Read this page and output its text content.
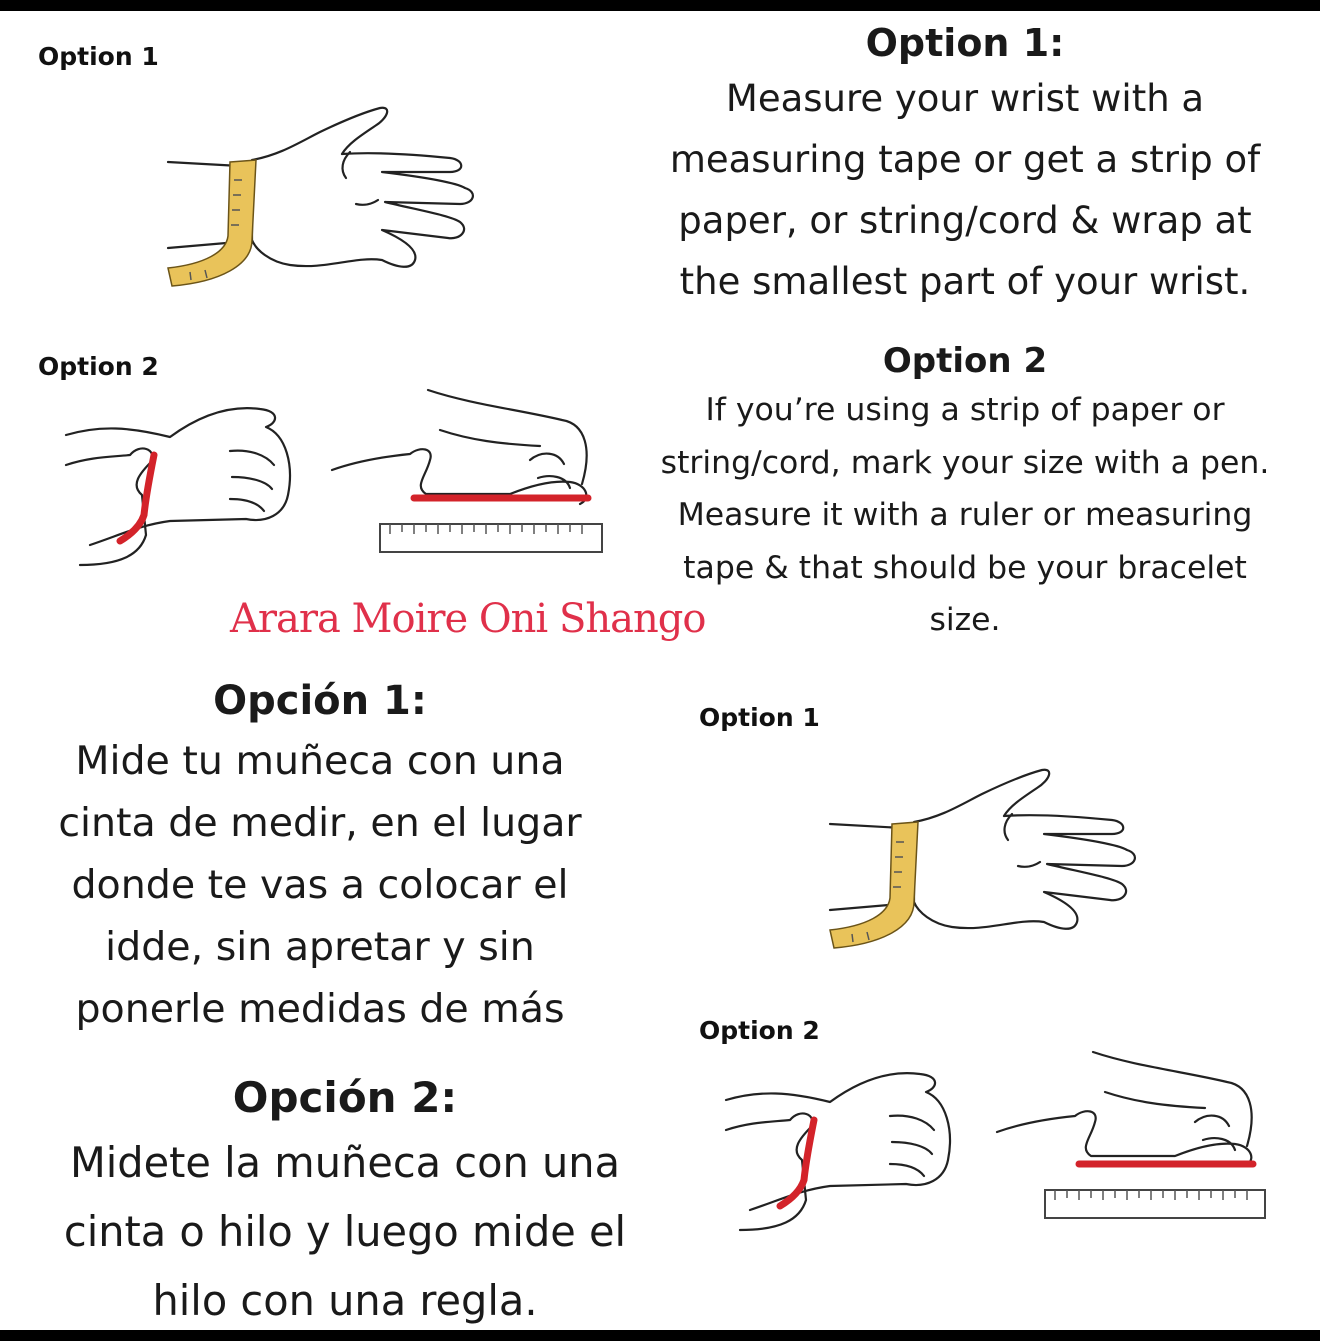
Option 1
Option 2
Option 1:
Measure your wrist with a
measuring tape or get a strip of
paper, or string/cord & wrap at
the smallest part of your wrist.
Option 2
If you’re using a strip of paper or
string/cord, mark your size with a pen.
Measure it with a ruler or measuring
tape & that should be your bracelet
size.
Arara Moire Oni Shango
Opción 1:
Mide tu muñeca con una
cinta de medir, en el lugar
donde te vas a colocar el
idde, sin apretar y sin
ponerle medidas de más
Opción 2:
Midete la muñeca con una
cinta o hilo y luego mide el
hilo con una regla.
Option 1
Option 2
